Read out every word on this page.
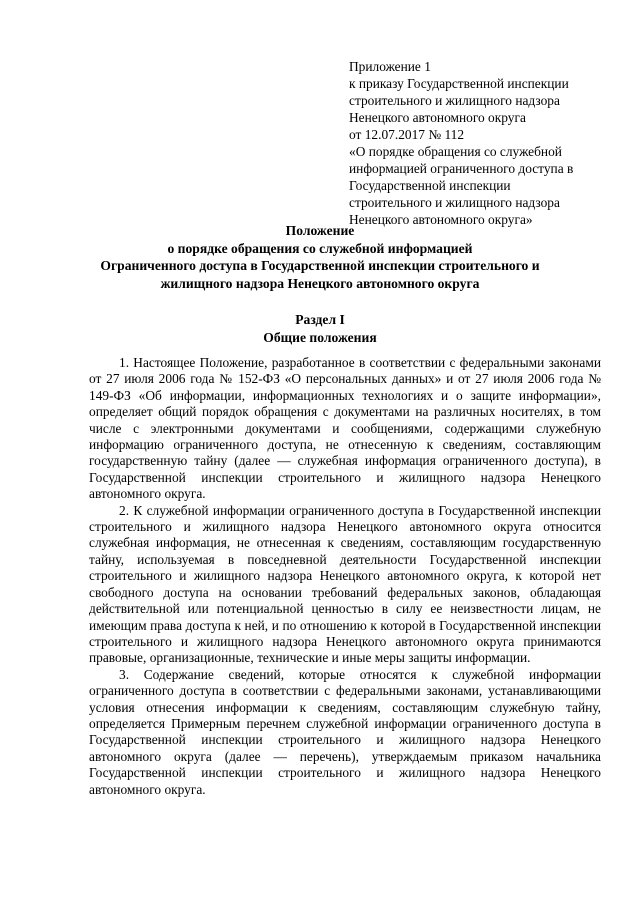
Приложение 1
к приказу Государственной инспекции
строительного и жилищного надзора
Ненецкого автономного округа
от 12.07.2017 № 112
«О порядке обращения со служебной
информацией ограниченного доступа в
Государственной инспекции
строительного и жилищного надзора
Ненецкого автономного округа»
Положение
о порядке обращения со служебной информацией
Ограниченного доступа в Государственной инспекции строительного и
жилищного надзора Ненецкого автономного округа
Раздел I
Общие положения

1. Настоящее Положение, разработанное в соответствии с федеральными законами от 27 июля 2006 года № 152-ФЗ «О персональных данных» и от 27 июля 2006 года № 149-ФЗ «Об информации, информационных технологиях и о защите информации», определяет общий порядок обращения с документами на различных носителях, в том числе с электронными документами и сообщениями, содержащими служебную информацию ограниченного доступа, не отнесенную к сведениям, составляющим государственную тайну (далее — служебная информация ограниченного доступа), в Государственной инспекции строительного и жилищного надзора Ненецкого автономного округа.

2. К служебной информации ограниченного доступа в Государственной инспекции строительного и жилищного надзора Ненецкого автономного округа относится служебная информация, не отнесенная к сведениям, составляющим государственную тайну, используемая в повседневной деятельности Государственной инспекции строительного и жилищного надзора Ненецкого автономного округа, к которой нет свободного доступа на основании требований федеральных законов, обладающая действительной или потенциальной ценностью в силу ее неизвестности лицам, не имеющим права доступа к ней, и по отношению к которой в Государственной инспекции строительного и жилищного надзора Ненецкого автономного округа принимаются правовые, организационные, технические и иные меры защиты информации.

3. Содержание сведений, которые относятся к служебной информации ограниченного доступа в соответствии с федеральными законами, устанавливающими условия отнесения информации к сведениям, составляющим служебную тайну, определяется Примерным перечнем служебной информации ограниченного доступа в Государственной инспекции строительного и жилищного надзора Ненецкого автономного округа (далее — перечень), утверждаемым приказом начальника Государственной инспекции строительного и жилищного надзора Ненецкого автономного округа.
